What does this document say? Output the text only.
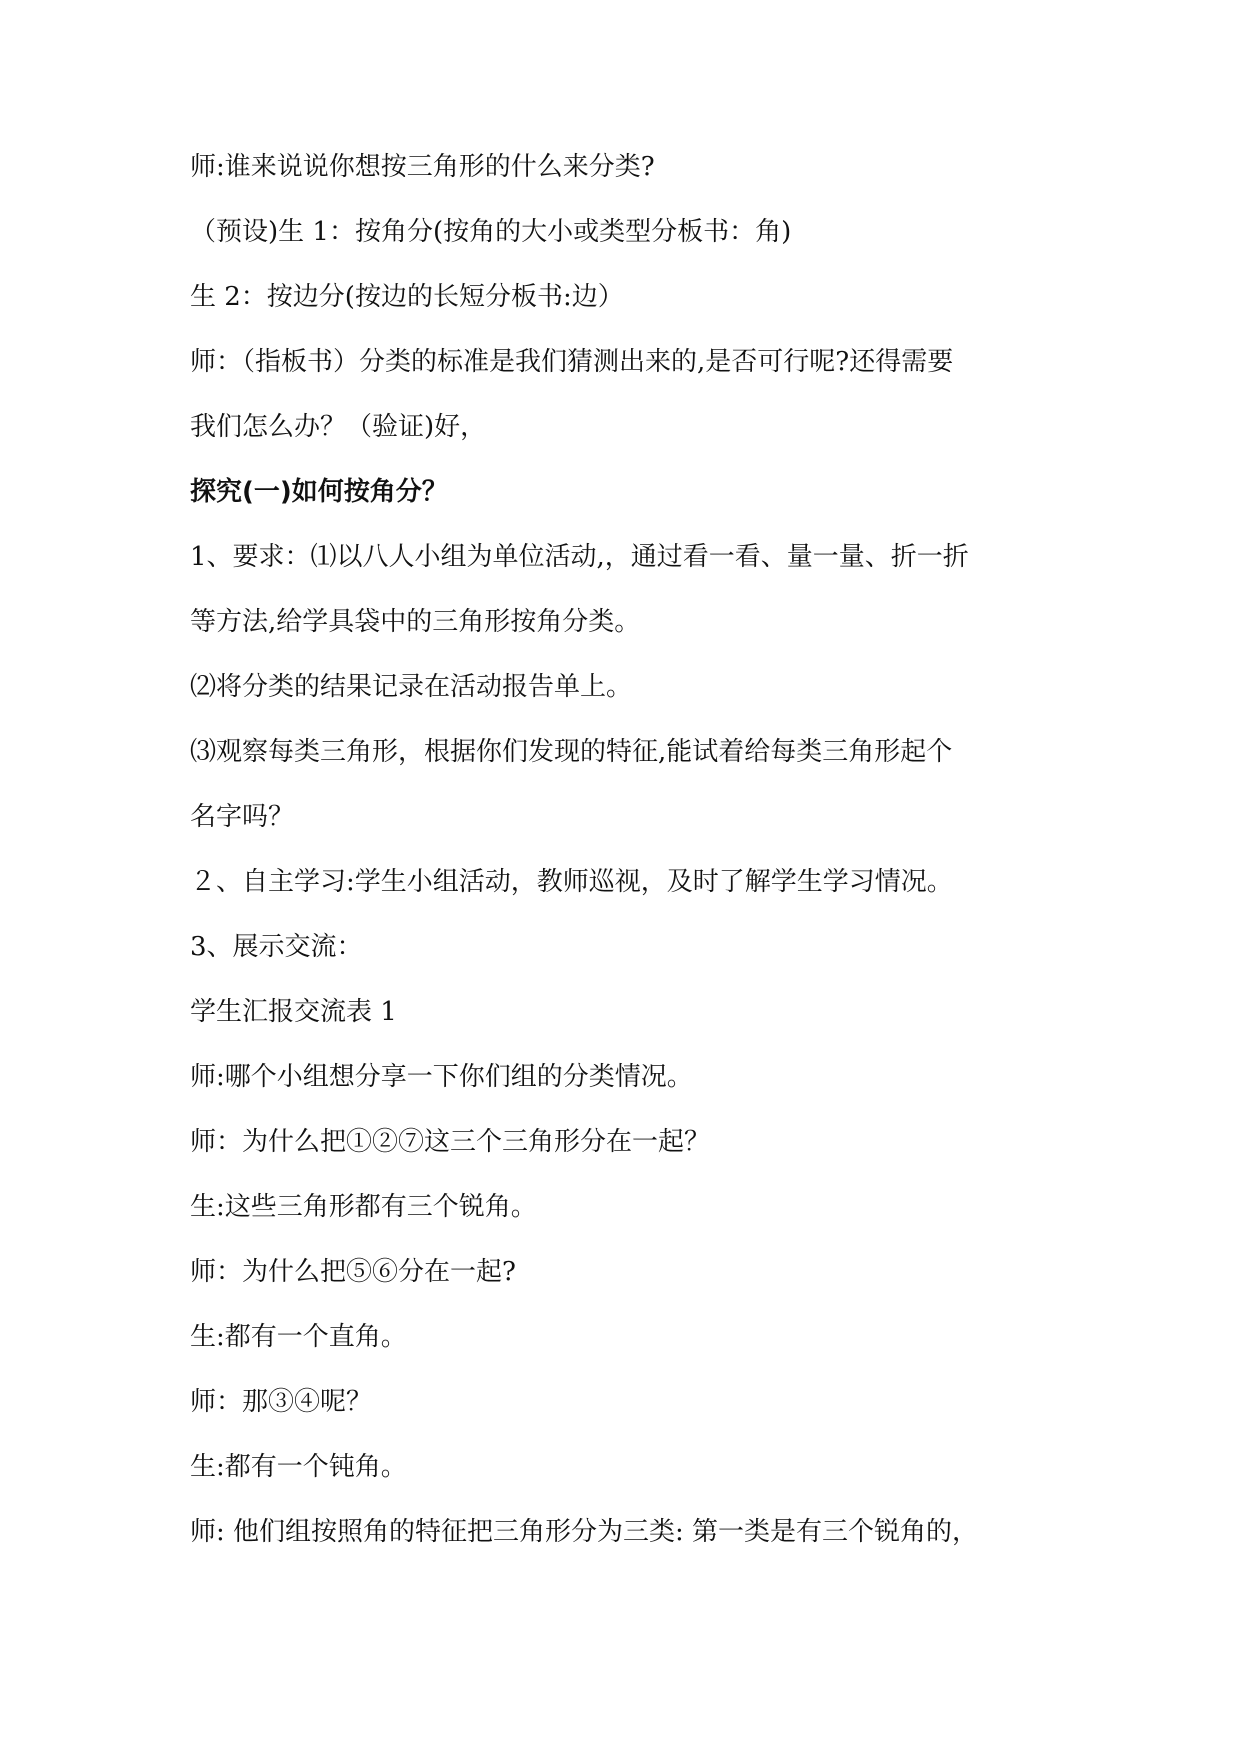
师:谁来说说你想按三角形的什么来分类?
（预设)生 1：按角分(按角的大小或类型分板书：角)
生 2：按边分(按边的长短分板书:边）
师：（指板书）分类的标准是我们猜测出来的,是否可行呢?还得需要
我们怎么办？（验证)好，
探究(一)如何按角分？
1、要求：⑴以八人小组为单位活动,，通过看一看、量一量、折一折
等方法,给学具袋中的三角形按角分类。
⑵将分类的结果记录在活动报告单上。
⑶观察每类三角形，根据你们发现的特征,能试着给每类三角形起个
名字吗？
２、自主学习:学生小组活动，教师巡视，及时了解学生学习情况。
3、展示交流：
学生汇报交流表 1
师:哪个小组想分享一下你们组的分类情况。
师：为什么把①②⑦这三个三角形分在一起？
生:这些三角形都有三个锐角。
师：为什么把⑤⑥分在一起?
生:都有一个直角。
师：那③④呢？
生:都有一个钝角。
师: 他们组按照角的特征把三角形分为三类: 第一类是有三个锐角的，
